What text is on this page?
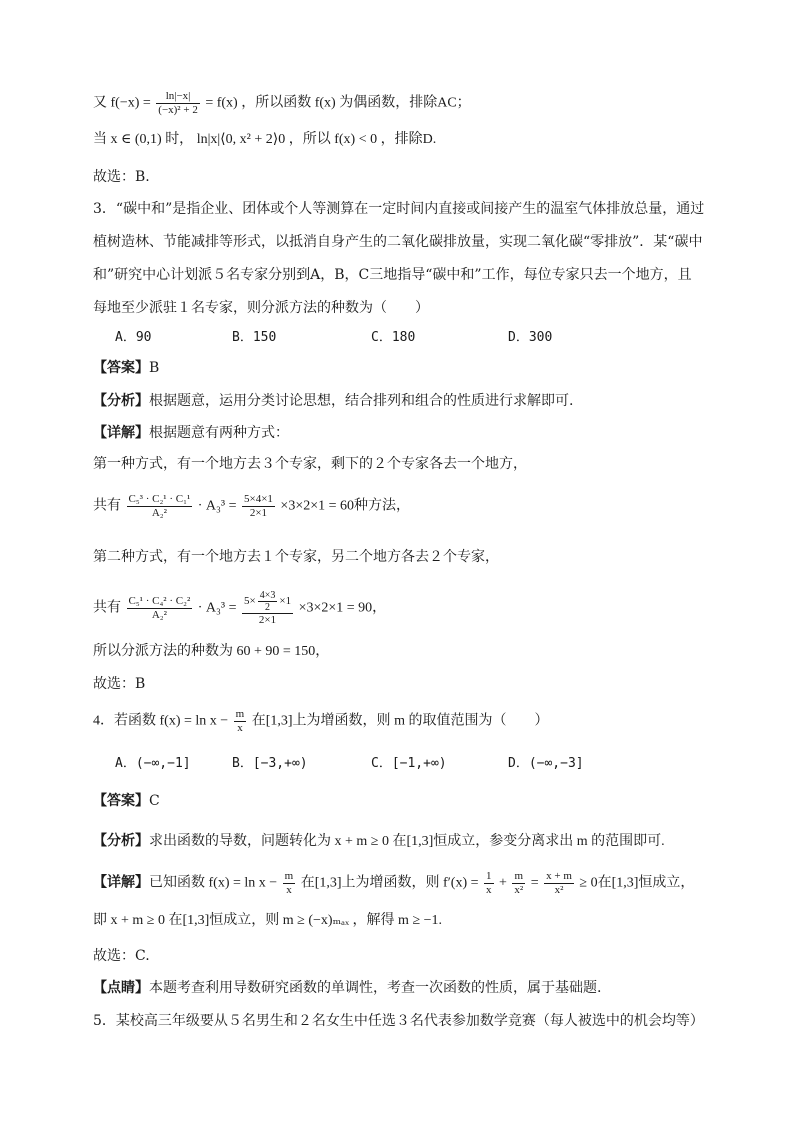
又 $f(-x) = \frac{\ln|-x|}{\text{(−x)² + 2}} = f(x)$ ，所以函数 f(x) 为偶函数，排除AC；
当 x ∈ (0,1) 时， ln|x|⟨0, x² + 2⟩0 ，所以 f(x) < 0 ，排除D.
故选：B.
3．“碳中和”是指企业、团体或个人等测算在一定时间内直接或间接产生的温室气体排放总量，通过植树造林、节能减排等形式，以抵消自身产生的二氧化碳排放量，实现二氧化碳“零排放”．某“碳中和”研究中心计划派５名专家分别到A，B，C三地指导“碳中和”工作，每位专家只去一个地方，且每地至少派驻１名专家，则分派方法的种数为（　　）
A．90	B．150	C．180	D．300
【答案】B
【分析】根据题意，运用分类讨论思想，结合排列和组合的性质进行求解即可.
【详解】根据题意有两种方式：
第一种方式，有一个地方去３个专家，剩下的２个专家各去一个地方，
共有 $\frac{\text{C₅³ · C₂¹ · C₁¹}}{\text{A₂²}} \cdot A_3^3 = \frac{5\times 4\times 1}{2\times 1} \times 3\times 2\times 1 = 60$种方法，
第二种方式，有一个地方去１个专家，另二个地方各去２个专家，
共有 $\frac{\text{C₅¹ · C₄² · C₂²}}{\text{A₂²}} \cdot A_3^3 = \frac{5\times \frac{4\times 3}{2} \times 1}{2\times 1} \times 3\times 2\times 1 = 90$，
所以分派方法的种数为 60 + 90 = 150，
故选：B
4．若函数 $f(x) = \ln x - \frac{m}{x}$ 在[1,3]上为增函数，则 m 的取值范围为（　　）
A．(−∞,−1]	B．[−3,+∞)	C．[−1,+∞)	D．(−∞,−3]
【答案】C
【分析】求出函数的导数，问题转化为 x + m ≥ 0 在[1,3]恒成立，参变分离求出 m 的范围即可.
【详解】已知函数 $f(x) = \ln x - \frac{m}{x}$ 在[1,3]上为增函数，则 $f'(x) = \frac{1}{x} + \frac{m}{\text{x²}} = \frac{x + m}{\text{x²}} \ge 0$在[1,3]恒成立，
即 x + m ≥ 0 在[1,3]恒成立，则 m ≥ (−x)ₘₐₓ ，解得 m ≥ −1.
故选：C.
【点睛】本题考查利用导数研究函数的单调性，考查一次函数的性质，属于基础题.
5．某校高三年级要从５名男生和２名女生中任选３名代表参加数学竞赛（每人被选中的机会均等）
